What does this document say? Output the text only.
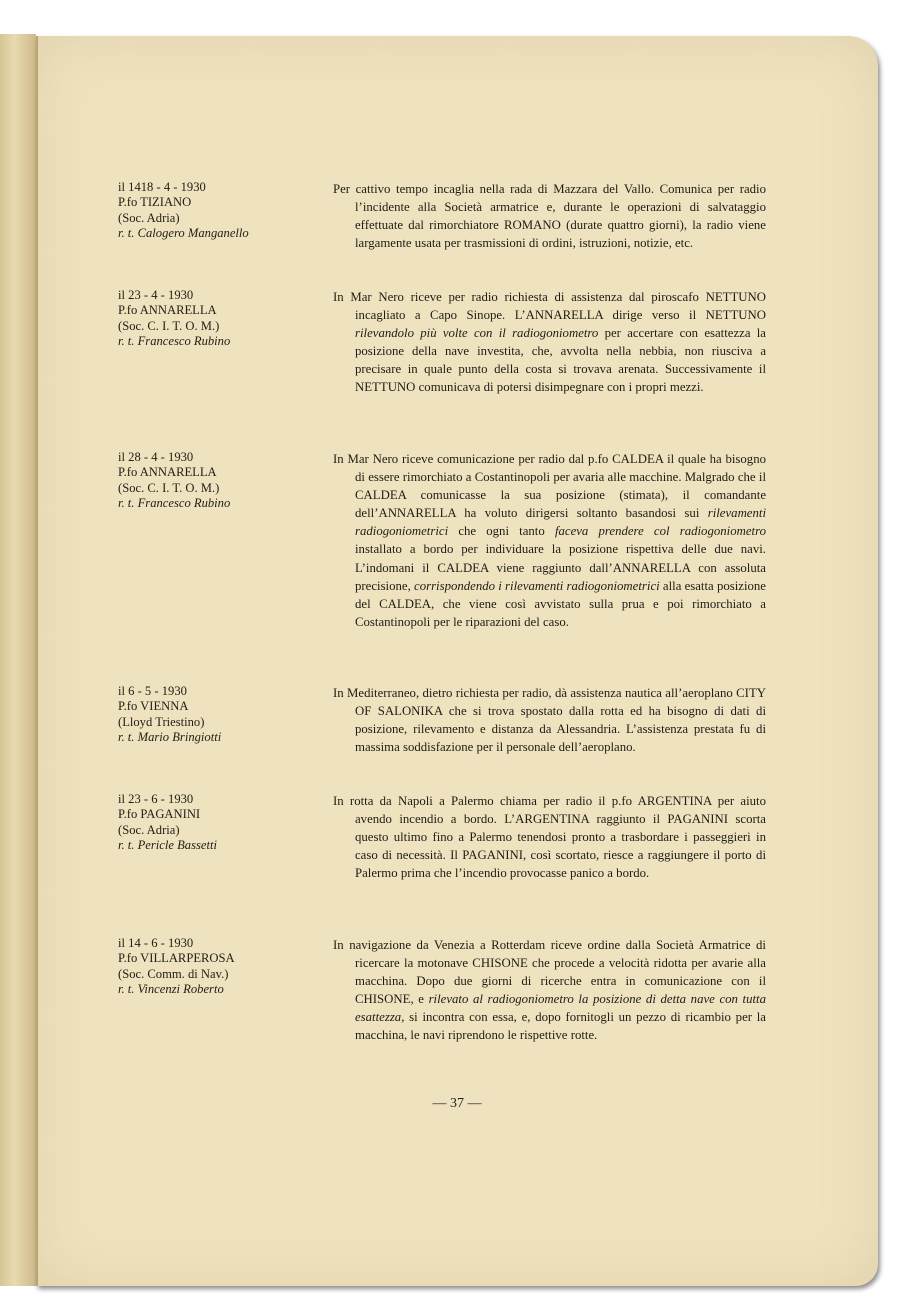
il 1418 - 4 - 1930
P.fo TIZIANO
(Soc. Adria)
r. t. Calogero Manganello
Per cattivo tempo incaglia nella rada di Mazzara del Vallo. Comunica per radio l’incidente alla Società armatrice e, durante le operazioni di salvataggio effettuate dal rimorchiatore ROMANO (durate quattro giorni), la radio viene largamente usata per trasmissioni di ordini, istruzioni, notizie, etc.
il 23 - 4 - 1930
P.fo ANNARELLA
(Soc. C. I. T. O. M.)
r. t. Francesco Rubino
In Mar Nero riceve per radio richiesta di assistenza dal piroscafo NETTUNO incagliato a Capo Sinope. L’ANNARELLA dirige verso il NETTUNO rilevandolo più volte con il radiogoniometro per accertare con esattezza la posizione della nave investita, che, avvolta nella nebbia, non riusciva a precisare in quale punto della costa si trovava arenata. Successivamente il NETTUNO comunicava di potersi disimpegnare con i propri mezzi.
il 28 - 4 - 1930
P.fo ANNARELLA
(Soc. C. I. T. O. M.)
r. t. Francesco Rubino
In Mar Nero riceve comunicazione per radio dal p.fo CALDEA il quale ha bisogno di essere rimorchiato a Costantinopoli per avaria alle macchine. Malgrado che il CALDEA comunicasse la sua posizione (stimata), il comandante dell’ANNARELLA ha voluto dirigersi soltanto basandosi sui rilevamenti radiogoniometrici che ogni tanto faceva prendere col radiogoniometro installato a bordo per individuare la posizione rispettiva delle due navi. L’indomani il CALDEA viene raggiunto dall’ANNARELLA con assoluta precisione, corrispondendo i rilevamenti radiogoniometrici alla esatta posizione del CALDEA, che viene così avvistato sulla prua e poi rimorchiato a Costantinopoli per le riparazioni del caso.
il 6 - 5 - 1930
P.fo VIENNA
(Lloyd Triestino)
r. t. Mario Bringiotti
In Mediterraneo, dietro richiesta per radio, dà assistenza nautica all’aeroplano CITY OF SALONIKA che si trova spostato dalla rotta ed ha bisogno di dati di posizione, rilevamento e distanza da Alessandria. L’assistenza prestata fu di massima soddisfazione per il personale dell’aeroplano.
il 23 - 6 - 1930
P.fo PAGANINI
(Soc. Adria)
r. t. Pericle Bassetti
In rotta da Napoli a Palermo chiama per radio il p.fo ARGENTINA per aiuto avendo incendio a bordo. L’ARGENTINA raggiunto il PAGANINI scorta questo ultimo fino a Palermo tenendosi pronto a trasbordare i passeggieri in caso di necessità. Il PAGANINI, così scortato, riesce a raggiungere il porto di Palermo prima che l’incendio provocasse panico a bordo.
il 14 - 6 - 1930
P.fo VILLARPEROSA
(Soc. Comm. di Nav.)
r. t. Vincenzi Roberto
In navigazione da Venezia a Rotterdam riceve ordine dalla Società Armatrice di ricercare la motonave CHISONE che procede a velocità ridotta per avarie alla macchina. Dopo due giorni di ricerche entra in comunicazione con il CHISONE, e rilevato al radiogoniometro la posizione di detta nave con tutta esattezza, si incontra con essa, e, dopo fornitogli un pezzo di ricambio per la macchina, le navi riprendono le rispettive rotte.
— 37 —
